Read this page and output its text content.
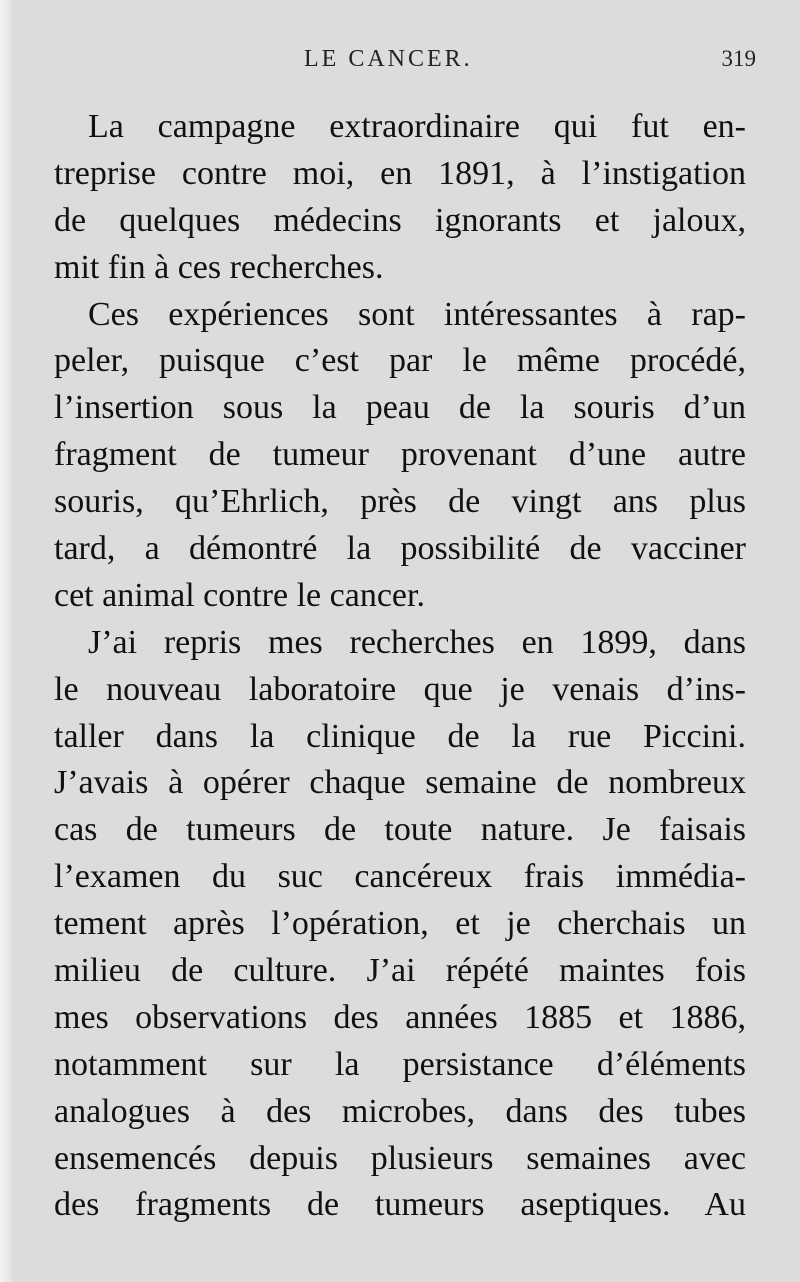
LE CANCER.	319
La campagne extraordinaire qui fut en-
treprise contre moi, en 1891, à l’instigation
de quelques médecins ignorants et jaloux,
mit fin à ces recherches.
Ces expériences sont intéressantes à rap-
peler, puisque c’est par le même procédé,
l’insertion sous la peau de la souris d’un
fragment de tumeur provenant d’une autre
souris, qu’Ehrlich, près de vingt ans plus
tard, a démontré la possibilité de vacciner
cet animal contre le cancer.
J’ai repris mes recherches en 1899, dans
le nouveau laboratoire que je venais d’ins-
taller dans la clinique de la rue Piccini.
J’avais à opérer chaque semaine de nombreux
cas de tumeurs de toute nature. Je faisais
l’examen du suc cancéreux frais immédia-
tement après l’opération, et je cherchais un
milieu de culture. J’ai répété maintes fois
mes observations des années 1885 et 1886,
notamment sur la persistance d’éléments
analogues à des microbes, dans des tubes
ensemencés depuis plusieurs semaines avec
des fragments de tumeurs aseptiques. Au
